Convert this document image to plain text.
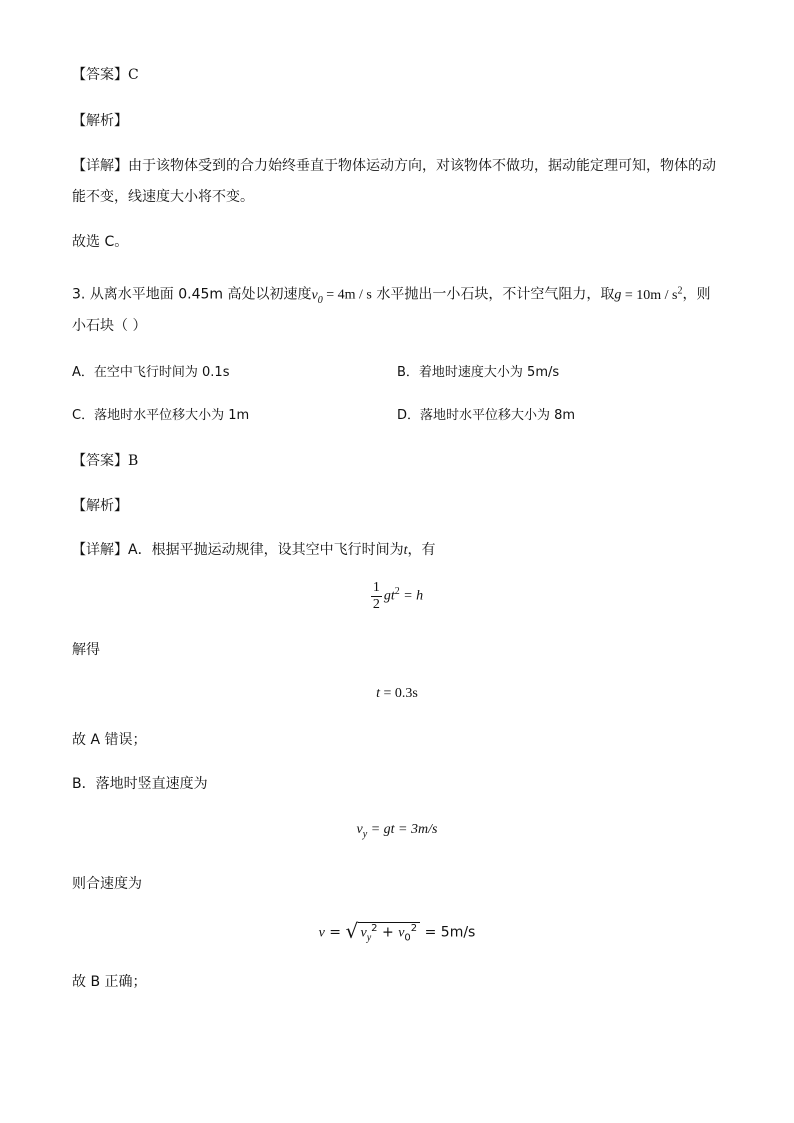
【答案】C
【解析】
【详解】由于该物体受到的合力始终垂直于物体运动方向，对该物体不做功，据动能定理可知，物体的动
能不变，线速度大小将不变。
故选 C。
3. 从离水平地面 0.45m 高处以初速度$v_0 = 4m / s$ 水平抛出一小石块，不计空气阻力，取$g = 10m / s^2$，则
小石块（ ）
A．在空中飞行时间为 0.1s	B．着地时速度大小为 5m/s
C．落地时水平位移大小为 1m	D．落地时水平位移大小为 8m
【答案】B
【解析】
【详解】A．根据平抛运动规律，设其空中飞行时间为t，有
$\frac{1}{2} gt^2 = h$
解得
t = 0.3s
故 A 错误；
B．落地时竖直速度为
$v_y$ = gt = 3m/s
则合速度为
v = √ $v_y^2 + v_0^2 = 5m/s$
故 B 正确；
